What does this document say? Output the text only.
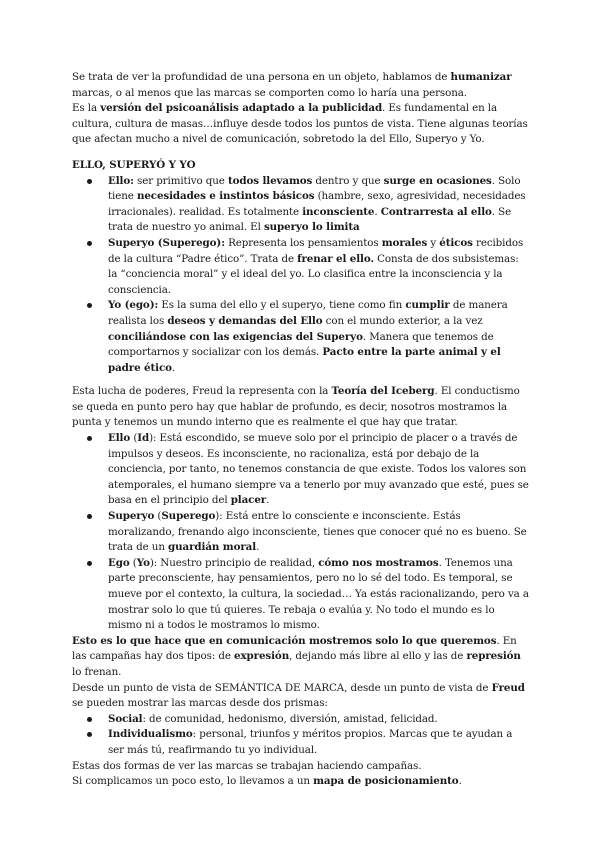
Se trata de ver la profundidad de una persona en un objeto, hablamos de humanizar marcas, o al menos que las marcas se comporten como lo haría una persona.

Es la versión del psicoanálisis adaptado a la publicidad. Es fundamental en la cultura, cultura de masas…influye desde todos los puntos de vista. Tiene algunas teorías que afectan mucho a nivel de comunicación, sobretodo la del Ello, Superyo y Yo.

ELLO, SUPERYÓ Y YO
Ello: ser primitivo que todos llevamos dentro y que surge en ocasiones. Solo tiene necesidades e instintos básicos (hambre, sexo, agresividad, necesidades irracionales). realidad. Es totalmente inconsciente. Contrarresta al ello. Se trata de nuestro yo animal. El superyo lo limita
Superyo (Superego): Representa los pensamientos morales y éticos recibidos de la cultura “Padre ético”. Trata de frenar el ello. Consta de dos subsistemas: la “conciencia moral” y el ideal del yo. Lo clasifica entre la inconsciencia y la consciencia.
Yo (ego): Es la suma del ello y el superyo, tiene como fin cumplir de manera realista los deseos y demandas del Ello con el mundo exterior, a la vez conciliándose con las exigencias del Superyo. Manera que tenemos de comportarnos y socializar con los demás. Pacto entre la parte animal y el padre ético.

Esta lucha de poderes, Freud la representa con la Teoría del Iceberg. El conductismo se queda en punto pero hay que hablar de profundo, es decir, nosotros mostramos la punta y tenemos un mundo interno que es realmente el que hay que tratar.

Ello (Id): Está escondido, se mueve solo por el principio de placer o a través de impulsos y deseos. Es inconsciente, no racionaliza, está por debajo de la conciencia, por tanto, no tenemos constancia de que existe. Todos los valores son atemporales, el humano siempre va a tenerlo por muy avanzado que esté, pues se basa en el principio del placer.
Superyo (Superego): Está entre lo consciente e inconsciente. Estás moralizando, frenando algo inconsciente, tienes que conocer qué no es bueno. Se trata de un guardián moral.
Ego (Yo): Nuestro principio de realidad, cómo nos mostramos. Tenemos una parte preconsciente, hay pensamientos, pero no lo sé del todo. Es temporal, se mueve por el contexto, la cultura, la sociedad… Ya estás racionalizando, pero va a mostrar solo lo que tú quieres. Te rebaja o evalúa y. No todo el mundo es lo mismo ni a todos le mostramos lo mismo.

Esto es lo que hace que en comunicación mostremos solo lo que queremos. En las campañas hay dos tipos: de expresión, dejando más libre al ello y las de represión lo frenan.

Desde un punto de vista de SEMÁNTICA DE MARCA, desde un punto de vista de Freud se pueden mostrar las marcas desde dos prismas:

Social: de comunidad, hedonismo, diversión, amistad, felicidad.
Individualismo: personal, triunfos y méritos propios. Marcas que te ayudan a ser más tú, reafirmando tu yo individual.

Estas dos formas de ver las marcas se trabajan haciendo campañas.

Si complicamos un poco esto, lo llevamos a un mapa de posicionamiento.
